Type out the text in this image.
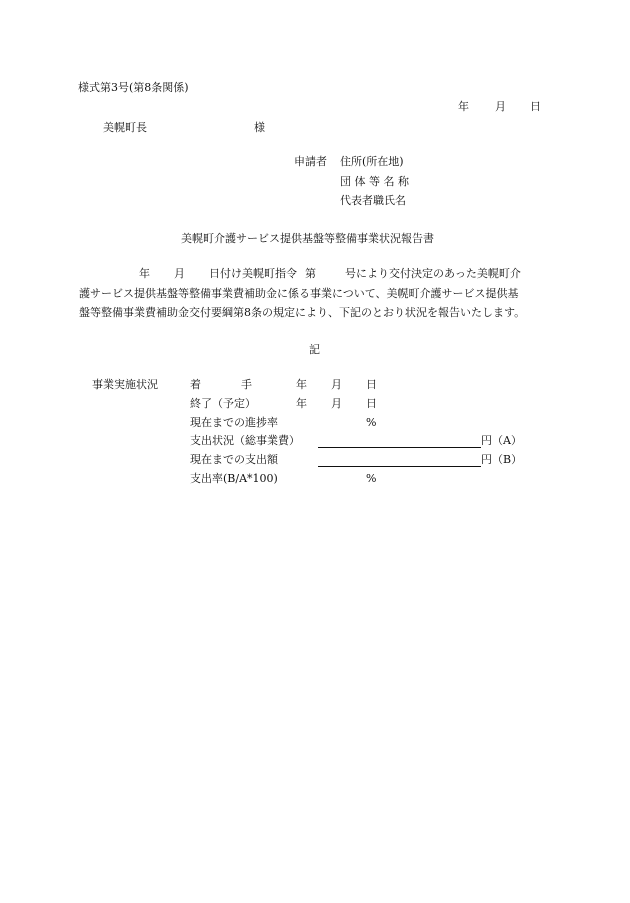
様式第3号(第8条関係)
年 月 日
美幌町長	様
申請者 住所(所在地)
団 体 等 名 称
代表者職氏名
美幌町介護サービス提供基盤等整備事業状況報告書
年 月 日付け美幌町指令 第	号により交付決定のあった美幌町介
護サービス提供基盤等整備事業費補助金に係る事業について、美幌町介護サービス提供基
盤等整備事業費補助金交付要綱第8条の規定により、下記のとおり状況を報告いたします。
記
事業実施状況	着	手	年 月 日
終了（予定）	年 月 日
現在までの進捗率	%
支出状況（総事業費）	円（A）
現在までの支出額	円（B）
支出率(B/A*100)	%
